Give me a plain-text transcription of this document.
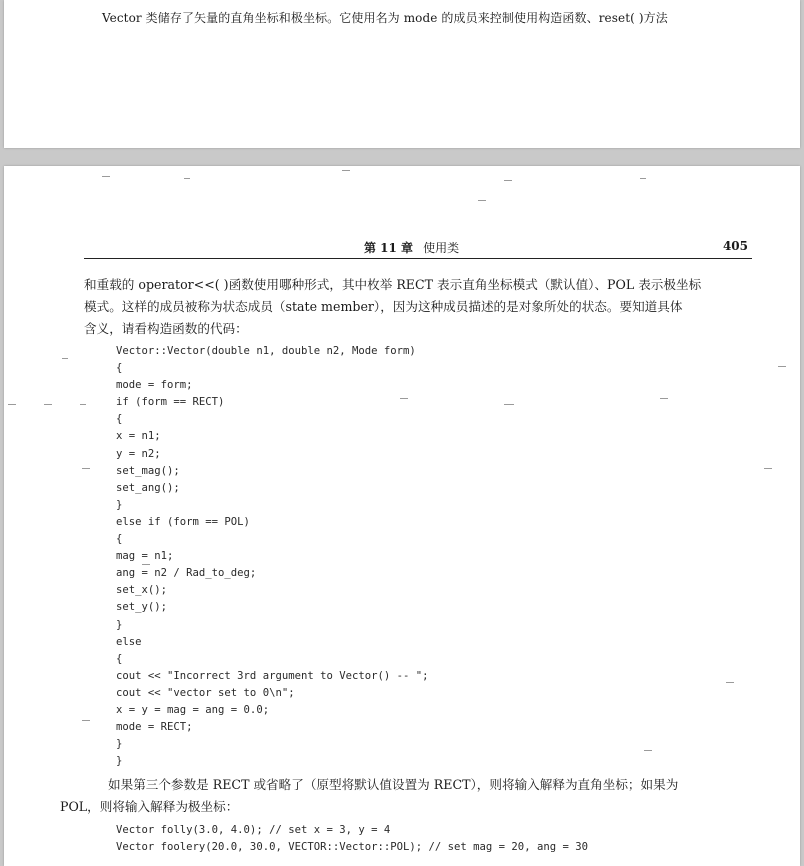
Vector 类储存了矢量的直角坐标和极坐标。它使用名为 mode 的成员来控制使用构造函数、reset( )方法
第 11 章 使用类	405
和重载的 operator<<( )函数使用哪种形式，其中枚举 RECT 表示直角坐标模式（默认值）、POL 表示极坐标
模式。这样的成员被称为状态成员（state member），因为这种成员描述的是对象所处的状态。要知道具体
含义，请看构造函数的代码：
Vector::Vector(double n1, double n2, Mode form)
{
mode = form;
if (form == RECT)
{
x = n1;
y = n2;
set_mag();
set_ang();
}
else if (form == POL)
{
mag = n1;
ang = n2 / Rad_to_deg;
set_x();
set_y();
}
else
{
cout << "Incorrect 3rd argument to Vector() -- ";
cout << "vector set to 0\n";
x = y = mag = ang = 0.0;
mode = RECT;
}
}
如果第三个参数是 RECT 或省略了（原型将默认值设置为 RECT），则将输入解释为直角坐标；如果为
POL，则将输入解释为极坐标：
Vector folly(3.0, 4.0); // set x = 3, y = 4
Vector foolery(20.0, 30.0, VECTOR::Vector::POL); // set mag = 20, ang = 30
